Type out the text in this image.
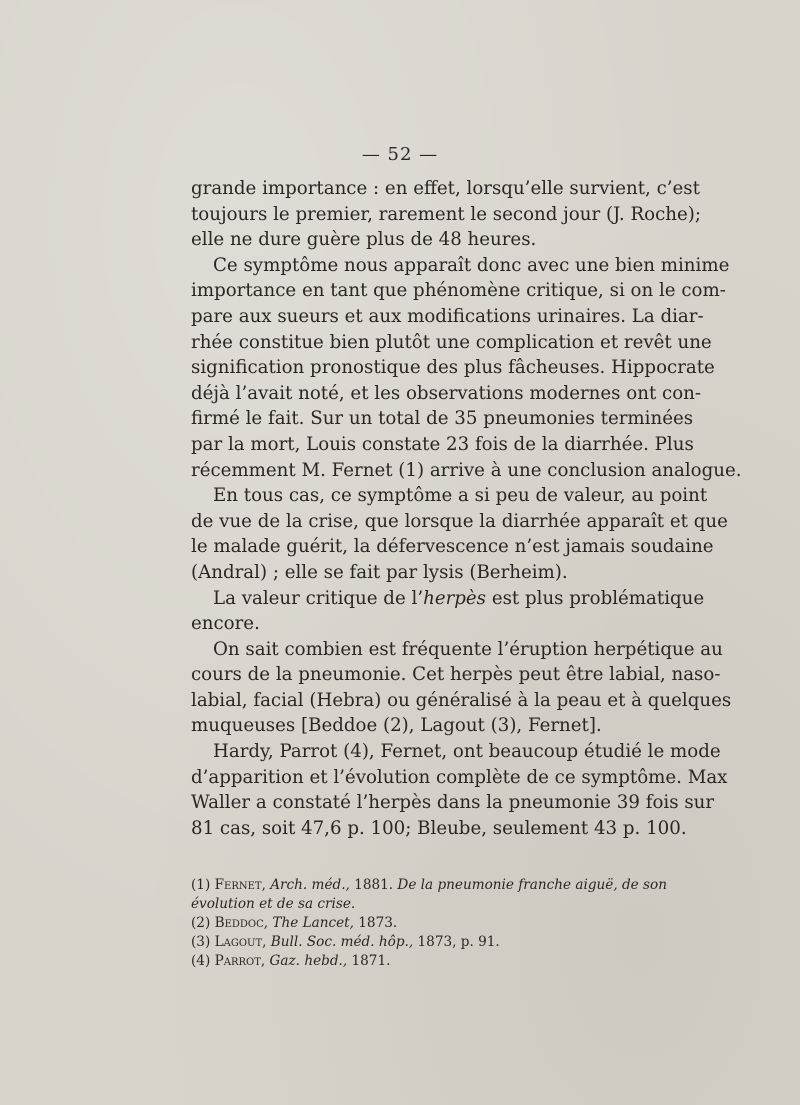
— 52 —

grande importance : en effet, lorsqu’elle survient, c’est
toujours le premier, rarement le second jour (J. Roche);
elle ne dure guère plus de 48 heures.

Ce symptôme nous apparaît donc avec une bien minime
importance en tant que phénomène critique, si on le com-
pare aux sueurs et aux modifications urinaires. La diar-
rhée constitue bien plutôt une complication et revêt une
signification pronostique des plus fâcheuses. Hippocrate
déjà l’avait noté, et les observations modernes ont con-
firmé le fait. Sur un total de 35 pneumonies terminées
par la mort, Louis constate 23 fois de la diarrhée. Plus
récemment M. Fernet (1) arrive à une conclusion analogue.

En tous cas, ce symptôme a si peu de valeur, au point
de vue de la crise, que lorsque la diarrhée apparaît et que
le malade guérit, la défervescence n’est jamais soudaine
(Andral) ; elle se fait par lysis (Berheim).

La valeur critique de l’herpès est plus problématique
encore.

On sait combien est fréquente l’éruption herpétique au
cours de la pneumonie. Cet herpès peut être labial, naso-
labial, facial (Hebra) ou généralisé à la peau et à quelques
muqueuses [Beddoe (2), Lagout (3), Fernet].

Hardy, Parrot (4), Fernet, ont beaucoup étudié le mode
d’apparition et l’évolution complète de ce symptôme. Max
Waller a constaté l’herpès dans la pneumonie 39 fois sur
81 cas, soit 47,6 p. 100; Bleube, seulement 43 p. 100.

(1) Fernet, Arch. méd., 1881. De la pneumonie franche aiguë, de son

évolution et de sa crise.

(2) Beddoc, The Lancet, 1873.

(3) Lagout, Bull. Soc. méd. hôp., 1873, p. 91.

(4) Parrot, Gaz. hebd., 1871.
